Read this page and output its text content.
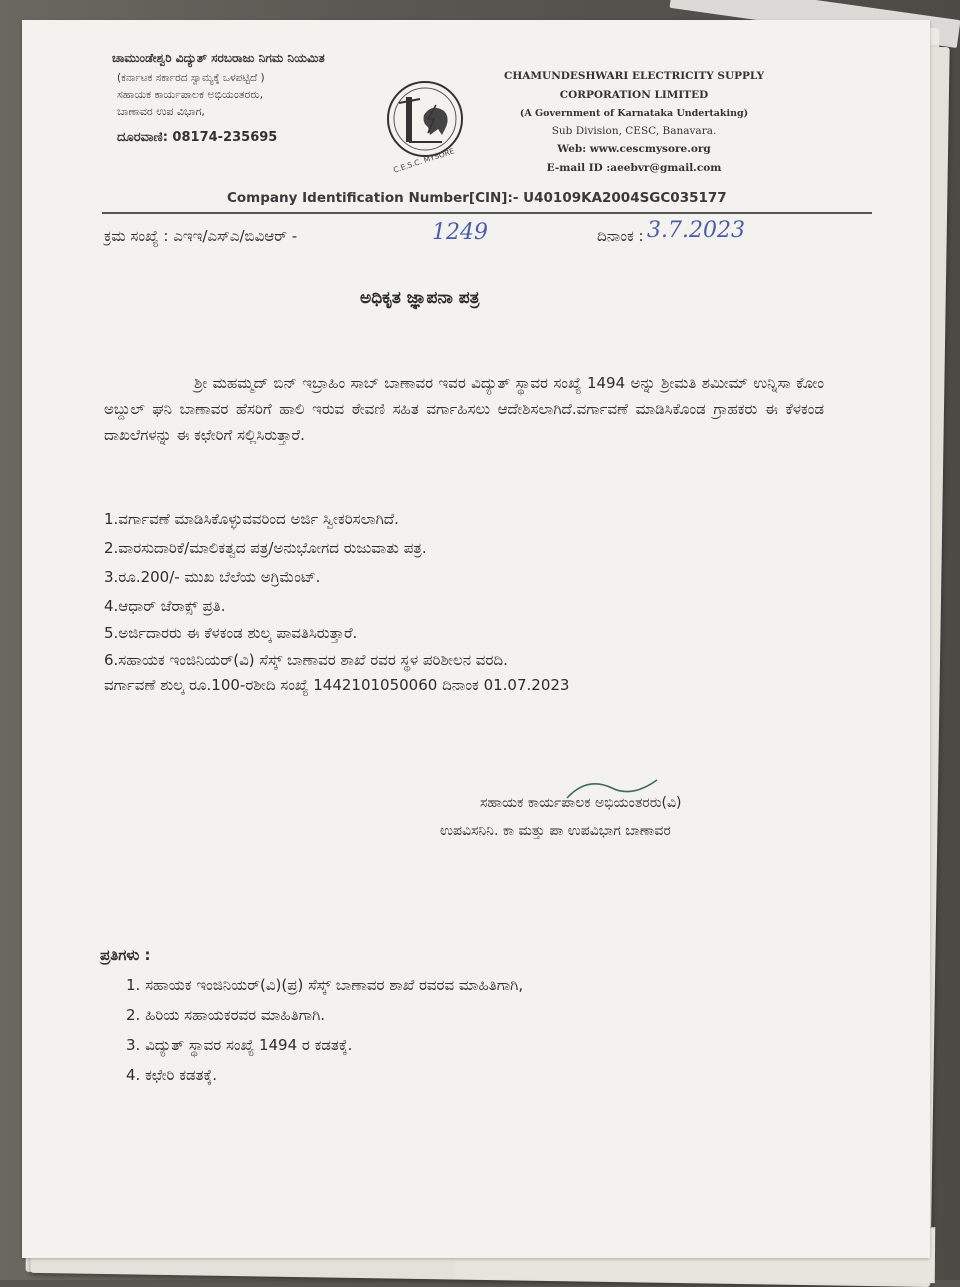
ಚಾಮುಂಡೇಶ್ವರಿ ವಿದ್ಯುತ್ ಸರಬರಾಜು ನಿಗಮ ನಿಯಮಿತ
(ಕರ್ನಾಟಕ ಸರ್ಕಾರದ ಸ್ವಾಮ್ಯಕ್ಕೆ ಒಳಪಟ್ಟಿದೆ )
ಸಹಾಯಕ ಕಾರ್ಯಪಾಲಕ ಅಭಿಯಂತರರು,
ಬಾಣಾವರ ಉಪ ವಿಭಾಗ,
ದೂರವಾಣಿ: 08174-235695
C.E.S.C. MYSORE
CHAMUNDESHWARI ELECTRICITY SUPPLY
CORPORATION LIMITED
(A Government of Karnataka Undertaking)
Sub Division, CESC, Banavara.
Web: www.cescmysore.org
E-mail ID :aeebvr@gmail.com
Company Identification Number[CIN]:- U40109KA2004SGC035177
ಕ್ರಮ ಸಂಖ್ಯೆ : ಎಇಇ/ಎಸ್ಎ/ಬಿವಿಆರ್ -	1249	ದಿನಾಂಕ : 3.7.2023
ಅಧಿಕೃತ ಜ್ಞಾಪನಾ ಪತ್ರ
ಶ್ರೀ ಮಹಮ್ಮದ್ ಬಿನ್ ಇಬ್ರಾಹಿಂ ಸಾಬ್ ಬಾಣಾವರ ಇವರ ವಿದ್ಯುತ್ ಸ್ಥಾವರ ಸಂಖ್ಯೆ 1494 ಅನ್ನು ಶ್ರೀಮತಿ ಶಮೀಮ್ ಉನ್ನಿಸಾ ಕೋಂ ಅಬ್ದುಲ್ ಘನಿ ಬಾಣಾವರ ಹೆಸರಿಗೆ ಹಾಲಿ ಇರುವ ಠೇವಣಿ ಸಹಿತ ವರ್ಗಾಹಿಸಲು ಆದೇಶಿಸಲಾಗಿದೆ.ವರ್ಗಾವಣೆ ಮಾಡಿಸಿಕೊಂಡ ಗ್ರಾಹಕರು ಈ ಕೆಳಕಂಡ ದಾಖಲೆಗಳನ್ನು ಈ ಕಛೇರಿಗೆ ಸಲ್ಲಿಸಿರುತ್ತಾರೆ.
1.ವರ್ಗಾವಣೆ ಮಾಡಿಸಿಕೊಳ್ಳುವವರಿಂದ ಅರ್ಜಿ ಸ್ವೀಕರಿಸಲಾಗಿದೆ.
2.ವಾರಸುದಾರಿಕೆ/ಮಾಲಿಕತ್ವದ ಪತ್ರ/ಅನುಭೋಗದ ರುಜುವಾತು ಪತ್ರ.
3.ರೂ.200/- ಮುಖ ಬೆಲೆಯ ಅಗ್ರಿಮೆಂಟ್.
4.ಆಧಾರ್ ಜೆರಾಕ್ಸ್ ಪ್ರತಿ.
5.ಅರ್ಜಿದಾರರು ಈ ಕೆಳಕಂಡ ಶುಲ್ಕ ಪಾವತಿಸಿರುತ್ತಾರೆ.
6.ಸಹಾಯಕ ಇಂಜಿನಿಯರ್(ವಿ) ಸೆಸ್ಕ್ ಬಾಣಾವರ ಶಾಖೆ ರವರ ಸ್ಥಳ ಪರಿಶೀಲನ ವರದಿ.
ವರ್ಗಾವಣೆ ಶುಲ್ಕ ರೂ.100-ರಶೀದಿ ಸಂಖ್ಯೆ 1442101050060 ದಿನಾಂಕ 01.07.2023
ಸಹಾಯಕ ಕಾರ್ಯಪಾಲಕ ಅಭಿಯಂತರರು(ವಿ)
ಉಪವಿಸನಿನಿ. ಕಾ ಮತ್ತು ಪಾ ಉಪವಿಭಾಗ ಬಾಣಾವರ
ಪ್ರತಿಗಳು :
1. ಸಹಾಯಕ ಇಂಜಿನಿಯರ್(ವಿ)(ಪ್ರ) ಸೆಸ್ಕ್ ಬಾಣಾವರ ಶಾಖೆ ರವರವ ಮಾಹಿತಿಗಾಗಿ,
2. ಹಿರಿಯ ಸಹಾಯಕರವರ ಮಾಹಿತಿಗಾಗಿ.
3. ವಿದ್ಯುತ್ ಸ್ಥಾವರ ಸಂಖ್ಯೆ 1494 ರ ಕಡತಕ್ಕೆ.
4. ಕಛೇರಿ ಕಡತಕ್ಕೆ.
